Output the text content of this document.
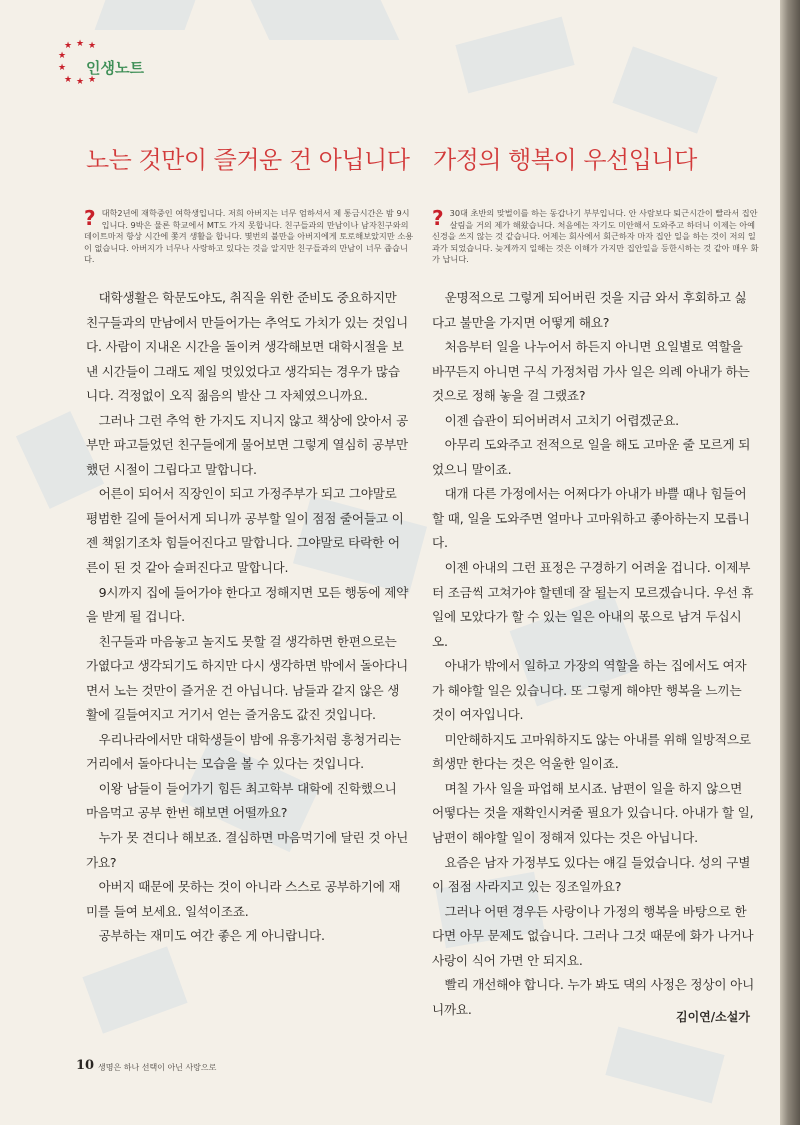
★ ★ ★
★
★
★ ★ ★
인생노트
노는 것만이 즐거운 건 아닙니다 가정의 행복이 우선입니다
? 대학2년에 재학중인 여학생입니다. 저희 아버지는 너무 엄하셔서 제 통금시간은 밤 9시입니다. 9박은 물론 학교에서 MT도 가지 못합니다. 친구들과의 만남이나 남자친구와의 데이트마저 항상 시간에 쫓겨 생활을 합니다. 몇번의 불만을 아버지에게 토로해보았지만 소용이 없습니다. 아버지가 너무나 사랑하고 있다는 것을 알지만 친구들과의 만남이 너무 줍습니다.
? 30대 초반의 맞벌이를 하는 동갑나기 부부입니다. 안 사람보다 퇴근시간이 빨라서 집안 살림을 거의 제가 해왔습니다. 처음에는 자기도 미안해서 도와주고 하더니 이제는 아예 신경을 쓰지 않는 것 같습니다. 어제는 회사에서 회근하자 마자 집안 일을 하는 것이 저의 일과가 되었습니다. 늦게까지 일해는 것은 이해가 가지만 집안일을 등한시하는 것 같아 매우 화가 납니다.

대학생활은 학문도야도, 취직을 위한 준비도 중요하지만 친구들과의 만남에서 만들어가는 추억도 가치가 있는 것입니다. 사람이 지내온 시간을 돌이켜 생각해보면 대학시절을 보낸 시간들이 그래도 제일 멋있었다고 생각되는 경우가 많습니다. 걱정없이 오직 젊음의 발산 그 자체였으니까요.

그러나 그런 추억 한 가지도 지니지 않고 책상에 앉아서 공부만 파고들었던 친구들에게 물어보면 그렇게 열심히 공부만 했던 시절이 그립다고 말합니다.

어른이 되어서 직장인이 되고 가정주부가 되고 그야말로 평범한 길에 들어서게 되니까 공부할 일이 점점 줄어들고 이젠 책읽기조차 힘들어진다고 말합니다. 그야말로 타락한 어른이 된 것 같아 슬퍼진다고 말합니다.

9시까지 집에 들어가야 한다고 정해지면 모든 행동에 제약을 받게 될 겁니다.

친구들과 마음놓고 놀지도 못할 걸 생각하면 한편으로는 가엾다고 생각되기도 하지만 다시 생각하면 밖에서 돌아다니면서 노는 것만이 즐거운 건 아닙니다. 남들과 같지 않은 생활에 길들여지고 거기서 얻는 즐거움도 값진 것입니다.

우리나라에서만 대학생들이 밤에 유흥가처럼 흥청거리는 거리에서 돌아다니는 모습을 볼 수 있다는 것입니다.

이왕 남들이 들어가기 힘든 최고학부 대학에 진학했으니 마음먹고 공부 한번 해보면 어떨까요?

누가 못 견디나 해보죠. 결심하면 마음먹기에 달린 것 아닌가요?

아버지 때문에 못하는 것이 아니라 스스로 공부하기에 재미를 들여 보세요. 일석이조죠.

공부하는 재미도 여간 좋은 게 아니랍니다.

운명적으로 그렇게 되어버린 것을 지금 와서 후회하고 싫다고 불만을 가지면 어떻게 해요?

처음부터 일을 나누어서 하든지 아니면 요일별로 역할을 바꾸든지 아니면 구식 가정처럼 가사 일은 의례 아내가 하는 것으로 정해 놓을 걸 그랬죠?

이젠 습관이 되어버려서 고치기 어렵겠군요.

아무리 도와주고 전적으로 일을 해도 고마운 줄 모르게 되었으니 말이죠.

대개 다른 가정에서는 어쩌다가 아내가 바쁠 때나 힘들어 할 때, 일을 도와주면 얼마나 고마워하고 좋아하는지 모릅니다.

이젠 아내의 그런 표정은 구경하기 어려울 겁니다. 이제부터 조금씩 고쳐가야 할텐데 잘 될는지 모르겠습니다. 우선 휴일에 모았다가 할 수 있는 일은 아내의 몫으로 남겨 두십시오.

아내가 밖에서 일하고 가장의 역할을 하는 집에서도 여자가 해야할 일은 있습니다. 또 그렇게 해야만 행복을 느끼는 것이 여자입니다.

미안해하지도 고마워하지도 않는 아내를 위해 일방적으로 희생만 한다는 것은 억울한 일이죠.

며칠 가사 일을 파업해 보시죠. 남편이 일을 하지 않으면 어떻다는 것을 재확인시켜줄 필요가 있습니다. 아내가 할 일, 남편이 해야할 일이 정해져 있다는 것은 아닙니다.

요즘은 남자 가정부도 있다는 얘길 들었습니다. 성의 구별이 점점 사라지고 있는 징조일까요?

그러나 어떤 경우든 사랑이나 가정의 행복을 바탕으로 한다면 아무 문제도 없습니다. 그러나 그것 때문에 화가 나거나 사랑이 식어 가면 안 되지요.

빨리 개선해야 합니다. 누가 봐도 댁의 사정은 정상이 아니니까요.

김이연/소설가
10 생명은 하나 선택이 아닌 사랑으로
